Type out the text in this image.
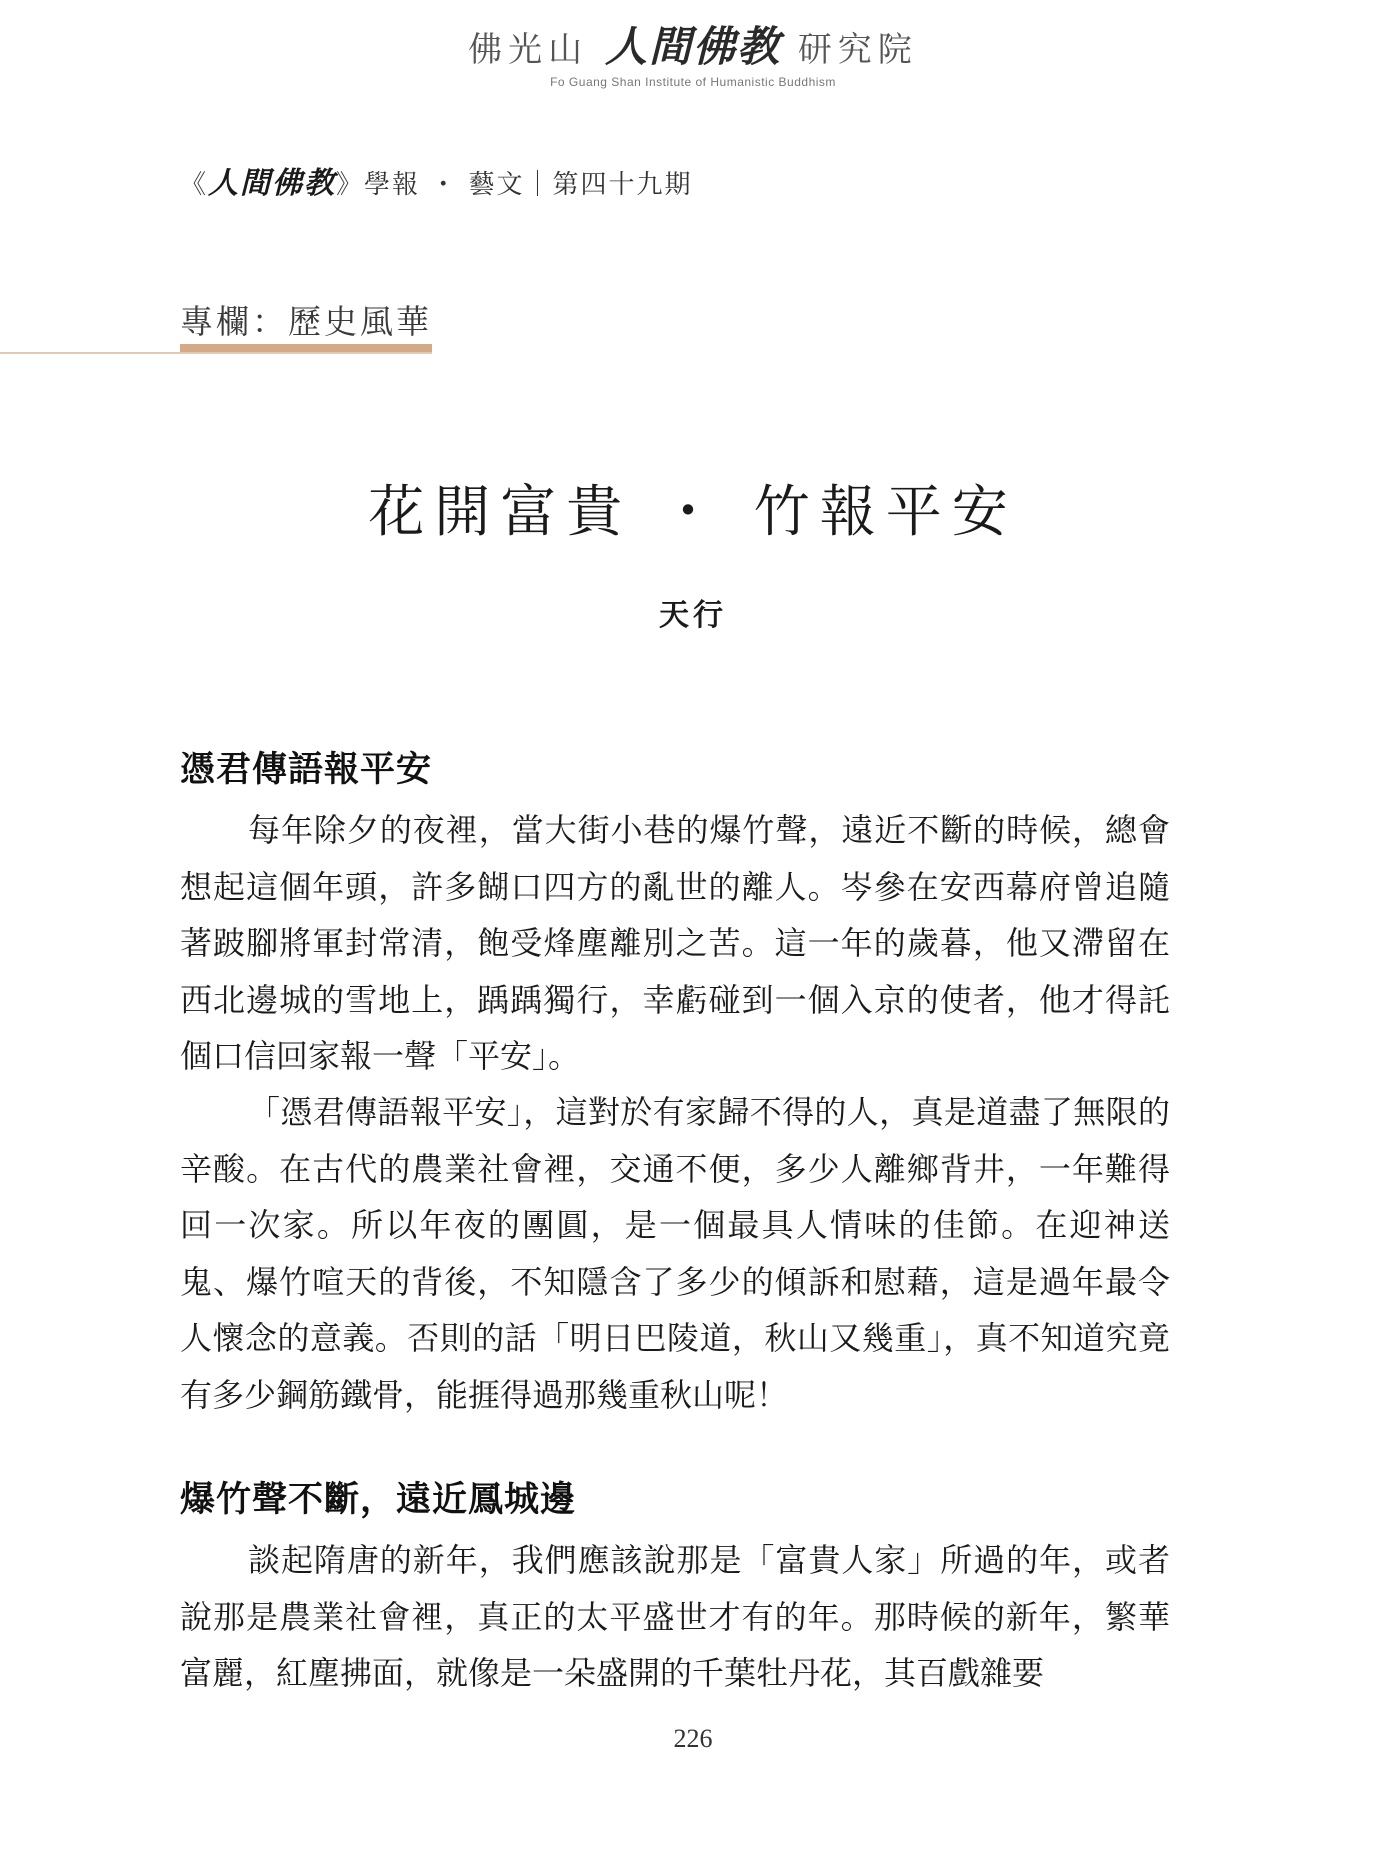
佛光山 人間佛教 研究院
Fo Guang Shan Institute of Humanistic Buddhism
《人間佛教》學報 ・ 藝文｜第四十九期
專欄：歷史風華
花開富貴 ・ 竹報平安
天行
憑君傳語報平安

每年除夕的夜裡，當大街小巷的爆竹聲，遠近不斷的時候，總會想起這個年頭，許多餬口四方的亂世的離人。岑參在安西幕府曾追隨著跛腳將軍封常清，飽受烽塵離別之苦。這一年的歲暮，他又滯留在西北邊城的雪地上，踽踽獨行，幸虧碰到一個入京的使者，他才得託個口信回家報一聲「平安」。

「憑君傳語報平安」，這對於有家歸不得的人，真是道盡了無限的辛酸。在古代的農業社會裡，交通不便，多少人離鄉背井，一年難得回一次家。所以年夜的團圓，是一個最具人情味的佳節。在迎神送鬼、爆竹喧天的背後，不知隱含了多少的傾訴和慰藉，這是過年最令人懷念的意義。否則的話「明日巴陵道，秋山又幾重」，真不知道究竟有多少鋼筋鐵骨，能捱得過那幾重秋山呢！

爆竹聲不斷，遠近鳳城邊

談起隋唐的新年，我們應該說那是「富貴人家」所過的年，或者說那是農業社會裡，真正的太平盛世才有的年。那時候的新年，繁華富麗，紅塵拂面，就像是一朵盛開的千葉牡丹花，其百戲雜要

226
